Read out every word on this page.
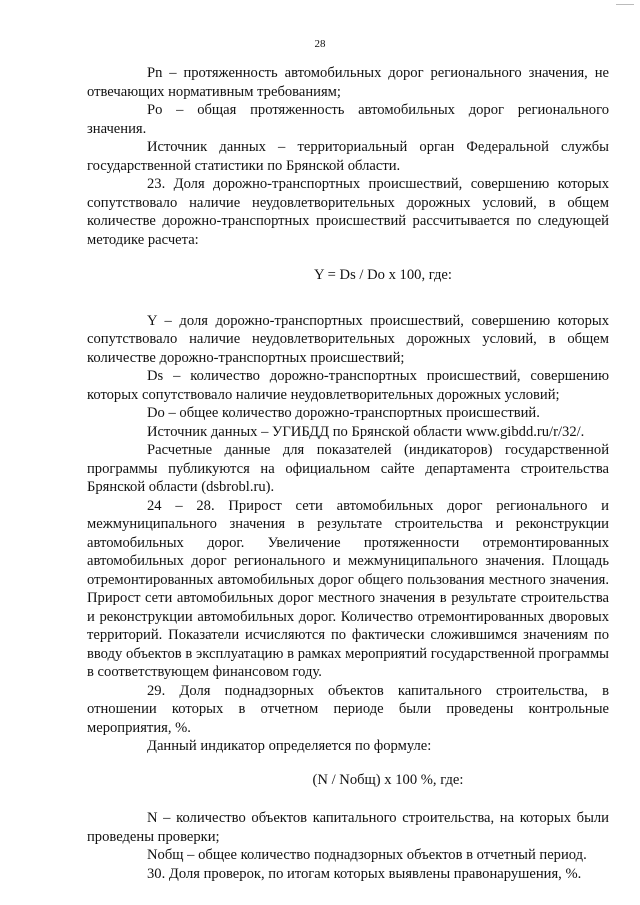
28

Pn – протяженность автомобильных дорог регионального значения, не отвечающих нормативным требованиям;

Po – общая протяженность автомобильных дорог регионального значения.

Источник данных – территориальный орган Федеральной службы государственной статистики по Брянской области.

23. Доля дорожно-транспортных происшествий, совершению которых сопутствовало наличие неудовлетворительных дорожных условий, в общем количестве дорожно-транспортных происшествий рассчитывается по следующей методике расчета:

Y = Ds / Do х 100, где:

Y – доля дорожно-транспортных происшествий, совершению которых сопутствовало наличие неудовлетворительных дорожных условий, в общем количестве дорожно-транспортных происшествий;

Ds – количество дорожно-транспортных происшествий, совершению которых сопутствовало наличие неудовлетворительных дорожных условий;

Do – общее количество дорожно-транспортных происшествий.

Источник данных – УГИБДД по Брянской области www.gibdd.ru/r/32/.

Расчетные данные для показателей (индикаторов) государственной программы публикуются на официальном сайте департамента строительства Брянской области (dsbrobl.ru).

24 – 28. Прирост сети автомобильных дорог регионального и межмуниципального значения в результате строительства и реконструкции автомобильных дорог. Увеличение протяженности отремонтированных автомобильных дорог регионального и межмуниципального значения. Площадь отремонтированных автомобильных дорог общего пользования местного значения. Прирост сети автомобильных дорог местного значения в результате строительства и реконструкции автомобильных дорог. Количество отремонтированных дворовых территорий. Показатели исчисляются по фактически сложившимся значениям по вводу объектов в эксплуатацию в рамках мероприятий государственной программы в соответствующем финансовом году.

29. Доля поднадзорных объектов капитального строительства, в отношении которых в отчетном периоде были проведены контрольные мероприятия, %.

Данный индикатор определяется по формуле:

(N / Nобщ) х 100 %, где:

N – количество объектов капитального строительства, на которых были проведены проверки;

Nобщ – общее количество поднадзорных объектов в отчетный период.

30. Доля проверок, по итогам которых выявлены правонарушения, %.
